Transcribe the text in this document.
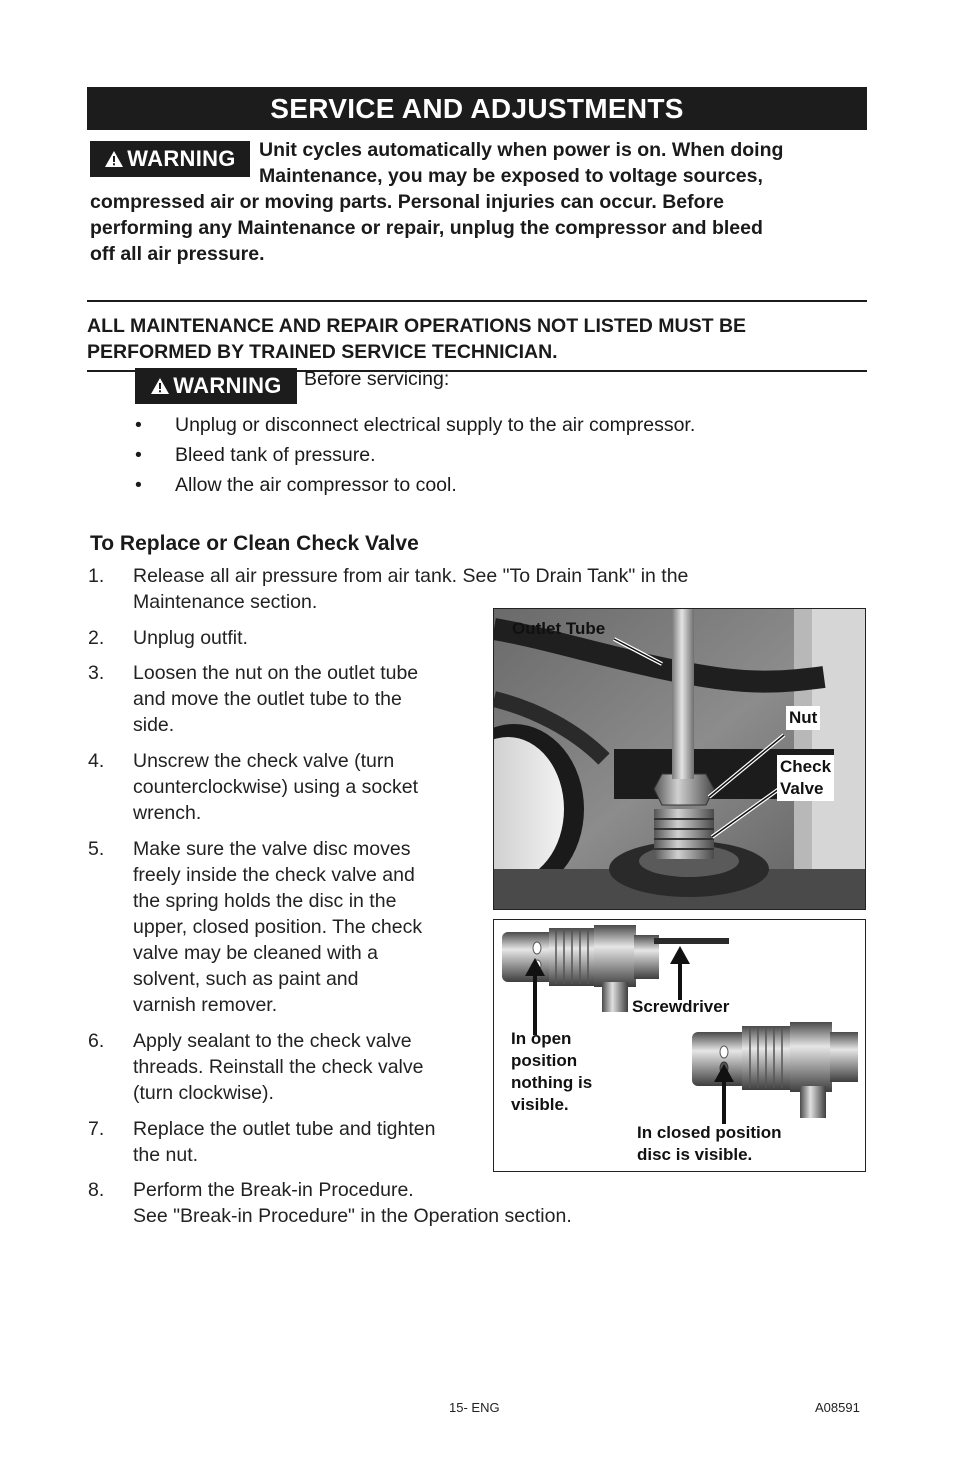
SERVICE AND ADJUSTMENTS
WARNING Unit cycles automatically when power is on. When doing
Maintenance, you may be exposed to voltage sources,
compressed air or moving parts. Personal injuries can occur. Before
performing any Maintenance or repair, unplug the compressor and bleed
off all air pressure.
ALL MAINTENANCE AND REPAIR OPERATIONS NOT LISTED MUST BE
PERFORMED BY TRAINED SERVICE TECHNICIAN.
WARNING Before servicing:
•	Unplug or disconnect electrical supply to the air compressor.
•	Bleed tank of pressure.
•	Allow the air compressor to cool.
To Replace or Clean Check Valve
1.	Release all air pressure from air tank. See "To Drain Tank" in the
Maintenance section.
2.	Unplug outfit.
3.	Loosen the nut on the outlet tube
and move the outlet tube to the
side.
4.	Unscrew the check valve (turn
counterclockwise) using a socket
wrench.
5.	Make sure the valve disc moves
freely inside the check valve and
the spring holds the disc in the
upper, closed position. The check
valve may be cleaned with a
solvent, such as paint and
varnish remover.
6.	Apply sealant to the check valve
threads. Reinstall the check valve
(turn clockwise).
7.	Replace the outlet tube and tighten
the nut.
8.	Perform the Break-in Procedure.
See "Break-in Procedure" in the Operation section.
Outlet Tube
Nut
Check
Valve
Screwdriver
In open
position
nothing is
visible.
In closed position
disc is visible.
15- ENG	A08591
